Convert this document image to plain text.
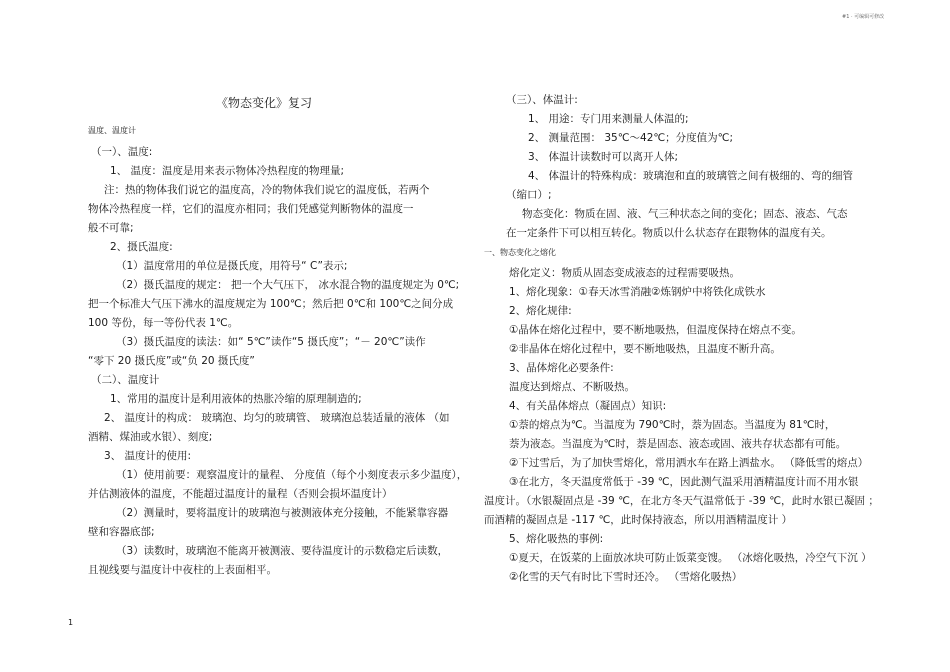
#1 · 可编辑可修改
《物态变化》复习
温度、温度计
（一）、温度:
1、 温度：温度是用来表示物体冷热程度的物理量;
注：热的物体我们说它的温度高，冷的物体我们说它的温度低，若两个
物体冷热程度一样，它们的温度亦相同；我们凭感觉判断物体的温度一
般不可靠;
2、摄氏温度:
（1）温度常用的单位是摄氏度，用符号“ C”表示;
（2）摄氏温度的规定： 把一个大气压下， 冰水混合物的温度规定为 0℃;
把一个标准大气压下沸水的温度规定为 100℃；然后把 0℃和 100℃之间分成
100 等份，每一等份代表 1℃。
（3）摄氏温度的读法：如“ 5℃”读作“5 摄氏度”；“－ 20℃”读作
“零下 20 摄氏度”或“负 20 摄氏度”
（二）、温度计
1、常用的温度计是利用液体的热胀冷缩的原理制造的;
2、 温度计的构成： 玻璃泡、均匀的玻璃管、 玻璃泡总装适量的液体 （如
酒精、煤油或水银）、刻度;
3、 温度计的使用:
（1）使用前要：观察温度计的量程、 分度值（每个小刻度表示多少温度），
并估测液体的温度，不能超过温度计的量程（否则会损坏温度计）
（2）测量时，要将温度计的玻璃泡与被测液体充分接触，不能紧靠容器
壁和容器底部;
（3）读数时，玻璃泡不能离开被测液、要待温度计的示数稳定后读数，
且视线要与温度计中夜柱的上表面相平。
（三）、体温计:
1、 用途：专门用来测量人体温的;
2、 测量范围： 35℃～42℃；分度值为℃;
3、 体温计读数时可以离开人体;
4、 体温计的特殊构成：玻璃泡和直的玻璃管之间有极细的、弯的细管
（缩口）;
物态变化：物质在固、液、气三种状态之间的变化；固态、液态、气态
在一定条件下可以相互转化。物质以什么状态存在跟物体的温度有关。
一、物态变化之熔化
熔化定义：物质从固态变成液态的过程需要吸热。
1、熔化现象：①春天冰雪消融②炼钢炉中将铁化成铁水
2、熔化规律:
①晶体在熔化过程中，要不断地吸热，但温度保持在熔点不变。
②非晶体在熔化过程中，要不断地吸热，且温度不断升高。
3、晶体熔化必要条件:
温度达到熔点、不断吸热。
4、有关晶体熔点（凝固点）知识:
①萘的熔点为℃。当温度为 790℃时，萘为固态。当温度为 81℃时，
萘为液态。当温度为℃时，萘是固态、液态或固、液共存状态都有可能。
②下过雪后，为了加快雪熔化，常用洒水车在路上洒盐水。 （降低雪的熔点）
③在北方，冬天温度常低于 -39 ℃，因此测气温采用酒精温度计而不用水银
温度计。（水银凝固点是 -39 ℃，在北方冬天气温常低于 -39 ℃，此时水银已凝固 ；
而酒精的凝固点是 -117 ℃，此时保持液态，所以用酒精温度计 ）
5、熔化吸热的事例:
①夏天，在饭菜的上面放冰块可防止饭菜变馊。 （冰熔化吸热，冷空气下沉 ）
②化雪的天气有时比下雪时还冷。 （雪熔化吸热）
1
